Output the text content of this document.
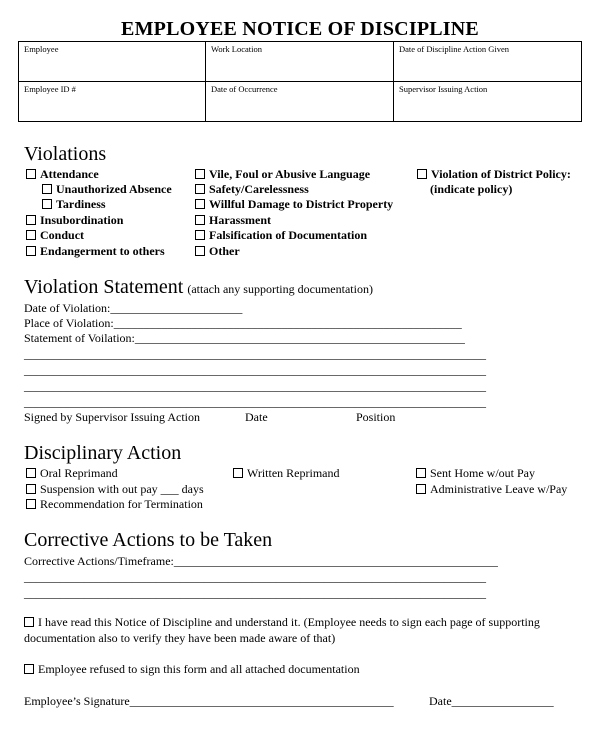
EMPLOYEE NOTICE OF DISCIPLINE
Employee	Work Location	Date of Discipline Action Given
Employee ID #	Date of Occurrence	Supervisor Issuing Action
Violations
Attendance
Unauthorized Absence
Tardiness
Insubordination
Conduct
Endangerment to others
Vile, Foul or Abusive Language
Safety/Carelessness
Willful Damage to District Property
Harassment
Falsification of Documentation
Other
Violation of District Policy:
(indicate policy)
Violation Statement (attach any supporting documentation)
Date of Violation:______________________
Place of Violation:__________________________________________________________
Statement of Voilation:_______________________________________________________
_____________________________________________________________________________
_____________________________________________________________________________
_____________________________________________________________________________
_____________________________________________________________________________
Signed by Supervisor Issuing Action	Date	Position
Disciplinary Action
Oral Reprimand	Written Reprimand	Sent Home w/out Pay
Suspension with out pay ___ days	Administrative Leave w/Pay
Recommendation for Termination
Corrective Actions to be Taken
Corrective Actions/Timeframe:______________________________________________________
_____________________________________________________________________________
_____________________________________________________________________________
I have read this Notice of Discipline and understand it. (Employee needs to sign each page of supporting
documentation also to verify they have been made aware of that)
Employee refused to sign this form and all attached documentation
Employee’s Signature____________________________________________	Date_________________
